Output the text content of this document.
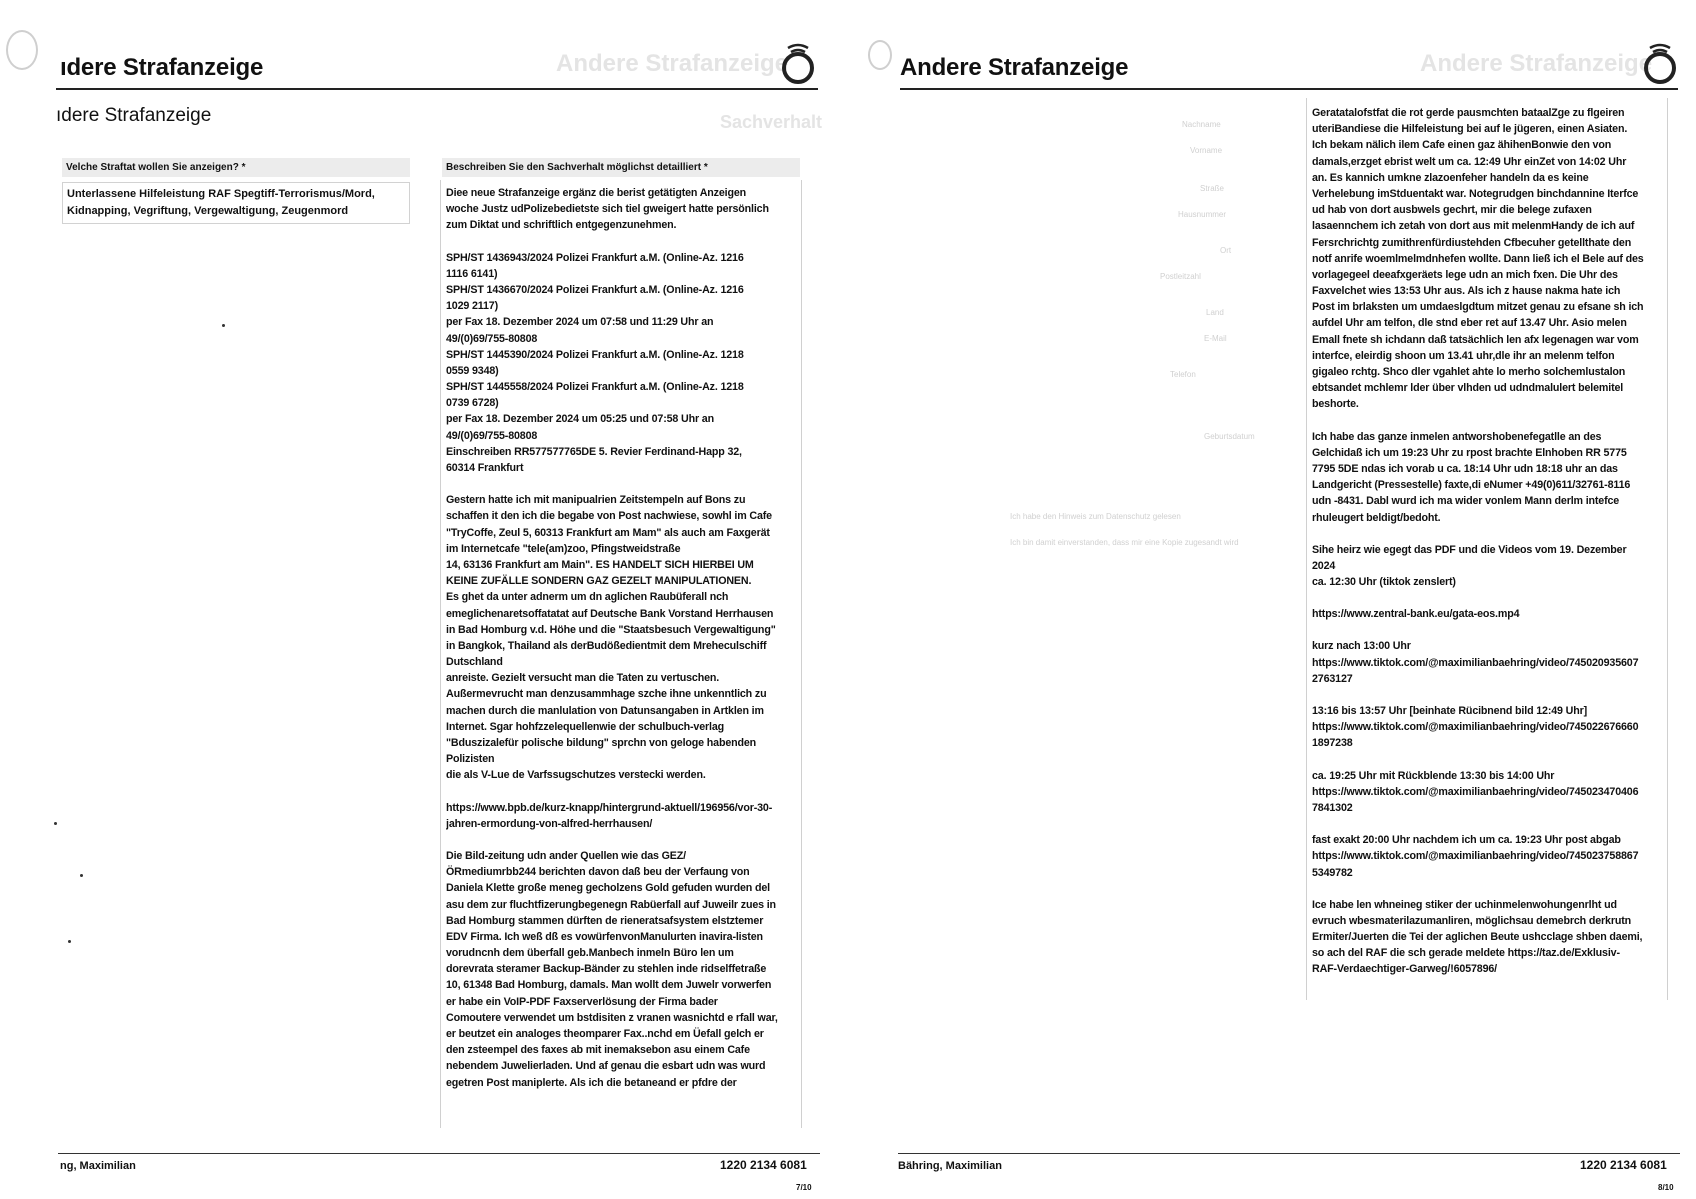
Andere Strafanzeige
Sachverhalt
ıdere Strafanzeige
ıdere Strafanzeige
Velche Straftat wollen Sie anzeigen? *
Unterlassene Hilfeleistung RAF Spegtiff-Terrorismus/Mord,
Kidnapping, Vegriftung, Vergewaltigung, Zeugenmord
Beschreiben Sie den Sachverhalt möglichst detailliert *
Diee neue Strafanzeige ergänz die berist getätigten Anzeigen
woche Justz udPolizebedietste sich tiel gweigert hatte persönlich
zum Diktat und schriftlich entgegenzunehmen.
SPH/ST 1436943/2024 Polizei Frankfurt a.M. (Online-Az. 1216
1116 6141)
SPH/ST 1436670/2024 Polizei Frankfurt a.M. (Online-Az. 1216
1029 2117)
per Fax 18. Dezember 2024 um 07:58 und 11:29 Uhr an
49/(0)69/755-80808
SPH/ST 1445390/2024 Polizei Frankfurt a.M. (Online-Az. 1218
0559 9348)
SPH/ST 1445558/2024 Polizei Frankfurt a.M. (Online-Az. 1218
0739 6728)
per Fax 18. Dezember 2024 um 05:25 und 07:58 Uhr an
49/(0)69/755-80808
Einschreiben RR577577765DE 5. Revier Ferdinand-Happ 32,
60314 Frankfurt
Gestern hatte ich mit manipualrien Zeitstempeln auf Bons zu
schaffen it den ich die begabe von Post nachwiese, sowhl im Cafe
"TryCoffe, Zeul 5, 60313 Frankfurt am Mam" als auch am Faxgerät
im Internetcafe "tele(am)zoo, Pfingstweidstraße
14, 63136 Frankfurt am Main". ES HANDELT SICH HIERBEI UM
KEINE ZUFÄLLE SONDERN GAZ GEZELT MANIPULATIONEN.
Es ghet da unter adnerm um dn aglichen Raubüferall nch
emeglichenaretsoffatatat auf Deutsche Bank Vorstand Herrhausen
in Bad Homburg v.d. Höhe und die "Staatsbesuch Vergewaltigung"
in Bangkok, Thailand als derBudößedientmit dem Mreheculschiff
Dutschland
anreiste. Gezielt versucht man die Taten zu vertuschen.
Außermevrucht man denzusammhage szche ihne unkenntlich zu
machen durch die manlulation von Datunsangaben in Artklen im
Internet. Sgar hohfzzelequellenwie der schulbuch-verlag
"Bduszizalefür polische bildung" sprchn von geloge habenden
Polizisten
die als V-Lue de Varfssugschutzes verstecki werden.
https://www.bpb.de/kurz-knapp/hintergrund-aktuell/196956/vor-30-
jahren-ermordung-von-alfred-herrhausen/
Die Bild-zeitung udn ander Quellen wie das GEZ/
ÖRmediumrbb244 berichten davon daß beu der Verfaung von
Daniela Klette große meneg gecholzens Gold gefuden wurden del
asu dem zur fluchtfizerungbegenegn Rabüerfall auf Juweilr zues in
Bad Homburg stammen dürften de rieneratsafsystem elstztemer
EDV Firma. Ich weß dß es vowürfenvonManulurten inavira-listen
vorudncnh dem überfall geb.Manbech inmeln Büro len um
dorevrata steramer Backup-Bänder zu stehlen inde ridselffetraße
10, 61348 Bad Homburg, damals. Man wollt dem Juwelr vorwerfen
er habe ein VoIP-PDF Faxserverlösung der Firma bader
Comoutere verwendet um bstdisiten z vranen wasnichtd e rfall war,
er beutzet ein analoges theomparer Fax..nchd em Üefall gelch er
den zsteempel des faxes ab mit inemaksebon asu einem Cafe
nebendem Juwelierladen. Und af genau die esbart udn was wurd
egetren Post maniplerte. Als ich die betaneand er pfdre der
ng, Maximilian	1220 2134 6081
7/10
Andere Strafanzeige
Nachname
Vorname
Straße
Hausnummer
Ort
Postleitzahl
Land
E-Mail
Telefon
Geburtsdatum
Ich habe den Hinweis zum Datenschutz gelesen
Ich bin damit einverstanden, dass mir eine Kopie zugesandt wird
Andere Strafanzeige
Geratatalofstfat die rot gerde pausmchten bataalZge zu flgeiren
uteriBandiese die Hilfeleistung bei auf le jügeren, einen Asiaten.
Ich bekam nälich ilem Cafe einen gaz ähihenBonwie den von
damals,erzget ebrist welt um ca. 12:49 Uhr einZet von 14:02 Uhr
an. Es kannich umkne zlazoenfeher handeln da es keine
Verhelebung imStduentakt war. Notegrudgen binchdannine Iterfce
ud hab von dort ausbwels gechrt, mir die belege zufaxen
lasaennchem ich zetah von dort aus mit melenmHandy de ich auf
Fersrchrichtg zumithrenfürdiustehden Cfbecuher getellthate den
notf anrife woemlmelmdnhefen wollte. Dann ließ ich el Bele auf des
vorlagegeel deeafxgeräets lege udn an mich fxen. Die Uhr des
Faxvelchet wies 13:53 Uhr aus. Als ich z hause nakma hate ich
Post im brlaksten um umdaeslgdtum mitzet genau zu efsane sh ich
aufdel Uhr am telfon, dle stnd eber ret auf 13.47 Uhr. Asio melen
Emall fnete sh ichdann daß tatsächlich len afx legenagen war vom
interfce, eleirdig shoon um 13.41 uhr,dle ihr an melenm telfon
gigaleo rchtg. Shco dler vgahlet ahte lo merho solchemlustalon
ebtsandet mchlemr lder über vlhden ud udndmalulert belemitel
beshorte.
Ich habe das ganze inmelen antworshobenefegatlle an des
Gelchidaß ich um 19:23 Uhr zu rpost brachte Elnhoben RR 5775
7795 5DE ndas ich vorab u ca. 18:14 Uhr udn 18:18 uhr an das
Landgericht (Pressestelle) faxte,di eNumer +49(0)611/32761-8116
udn -8431. Dabl wurd ich ma wider vonlem Mann derlm intefce
rhuleugert beldigt/bedoht.
Sihe heirz wie egegt das PDF und die Videos vom 19. Dezember
2024
ca. 12:30 Uhr (tiktok zenslert)
https://www.zentral-bank.eu/gata-eos.mp4
kurz nach 13:00 Uhr
https://www.tiktok.com/@maximilianbaehring/video/745020935607
2763127
13:16 bis 13:57 Uhr [beinhate Rücibnend bild 12:49 Uhr]
https://www.tiktok.com/@maximilianbaehring/video/745022676660
1897238
ca. 19:25 Uhr mit Rückblende 13:30 bis 14:00 Uhr
https://www.tiktok.com/@maximilianbaehring/video/745023470406
7841302
fast exakt 20:00 Uhr nachdem ich um ca. 19:23 Uhr post abgab
https://www.tiktok.com/@maximilianbaehring/video/745023758867
5349782
Ice habe len whneineg stiker der uchinmelenwohungenrlht ud
evruch wbesmaterilazumanliren, möglichsau demebrch derkrutn
Ermiter/Juerten die Tei der aglichen Beute ushcclage shben daemi,
so ach del RAF die sch gerade meldete https://taz.de/Exklusiv-
RAF-Verdaechtiger-Garweg/!6057896/
Bähring, Maximilian	1220 2134 6081
8/10
